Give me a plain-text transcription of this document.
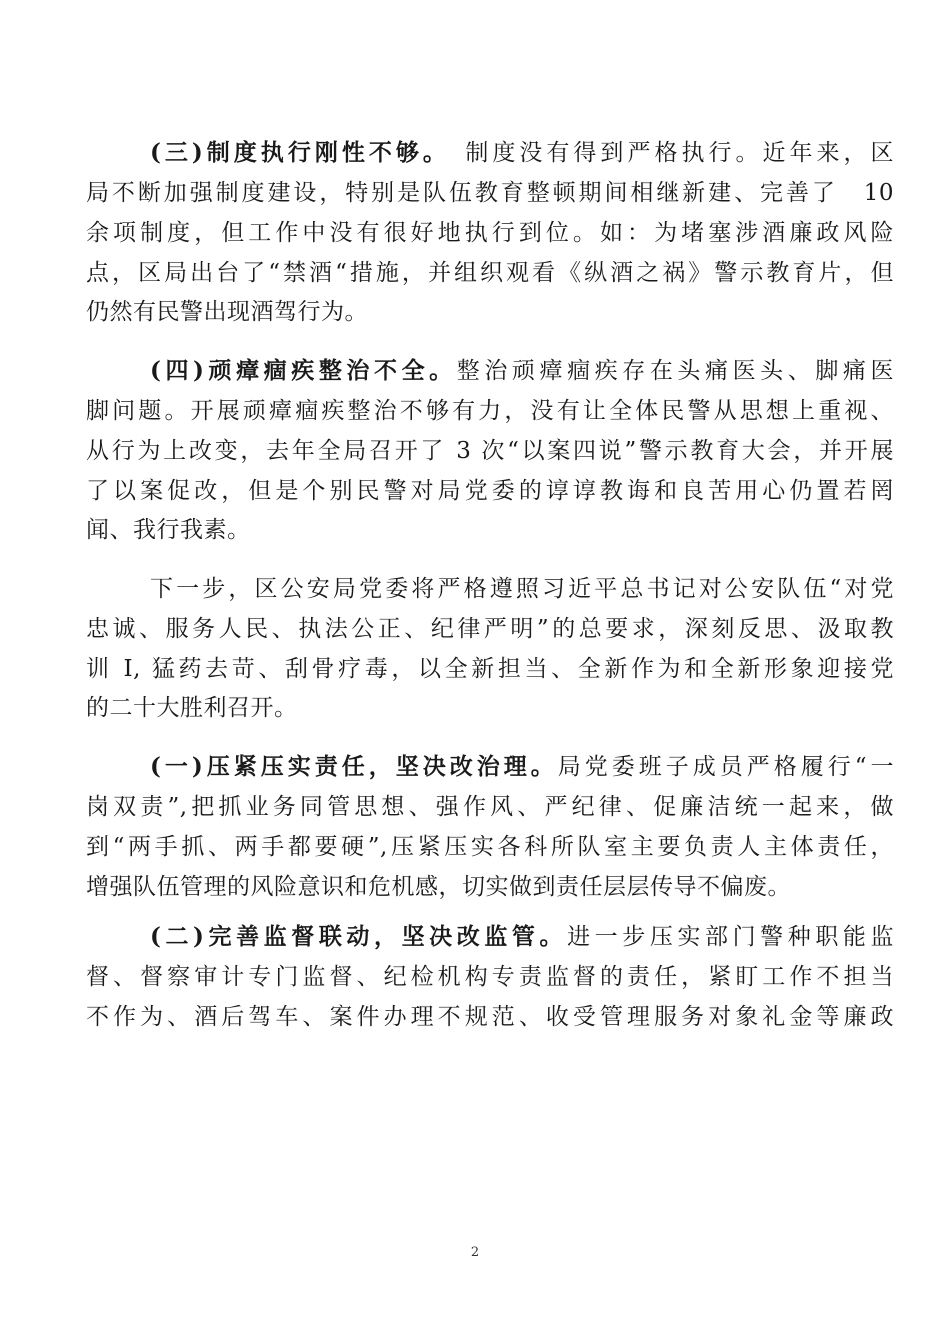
(三)制度执行刚性不够。　 制度没有得到严格执行。近年来，区
局不断加强制度建设，特别是队伍教育整顿期间相继新建、完善了　10
余项制度，但工作中没有很好地执行到位。如：为堵塞涉酒廉政风险
点，区局出台了“禁酒“措施，并组织观看《纵酒之祸》警示教育片，但
仍然有民警出现酒驾行为。
(四)顽瘴痼疾整治不全。整治顽瘴痼疾存在头痛医头、脚痛医
脚问题。开展顽瘴痼疾整治不够有力，没有让全体民警从思想上重视、
从行为上改变，去年全局召开了 3 次“以案四说”警示教育大会，并开展
了以案促改，但是个别民警对局党委的谆谆教诲和良苦用心仍置若罔
闻、我行我素。
下一步，区公安局党委将严格遵照习近平总书记对公安队伍“对党
忠诚、服务人民、执法公正、纪律严明”的总要求，深刻反思、汲取教
训 I, 猛药去苛、刮骨疗毒，以全新担当、全新作为和全新形象迎接党
的二十大胜利召开。
(一)压紧压实责任，坚决改治理。局党委班子成员严格履行“一
岗双责”,把抓业务同管思想、强作风、严纪律、促廉洁统一起来，做
到“两手抓、两手都要硬”,压紧压实各科所队室主要负责人主体责任，
增强队伍管理的风险意识和危机感，切实做到责任层层传导不偏废。
(二)完善监督联动，坚决改监管。进一步压实部门警种职能监
督、督察审计专门监督、纪检机构专责监督的责任，紧盯工作不担当
不作为、酒后驾车、案件办理不规范、收受管理服务对象礼金等廉政
2
